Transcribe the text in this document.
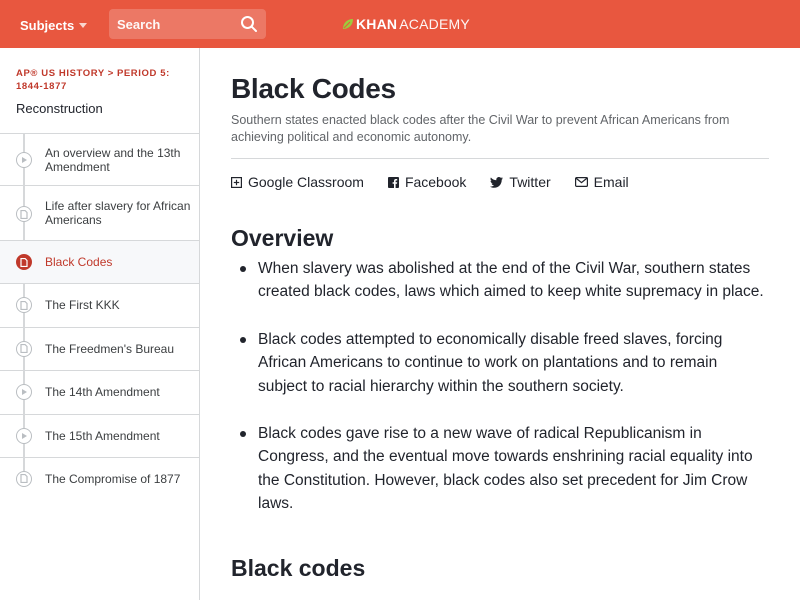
Subjects
Search	KHAN ACADEMY
AP® US HISTORY > PERIOD 5: 1844-1877
Reconstruction
An overview and the 13th Amendment
Life after slavery for African Americans
Black Codes
The First KKK
The Freedmen's Bureau
The 14th Amendment
The 15th Amendment
The Compromise of 1877
Black Codes

Southern states enacted black codes after the Civil War to prevent African Americans from achieving political and economic autonomy.

Google Classroom	Facebook	Twitter	Email
Overview
When slavery was abolished at the end of the Civil War, southern states created black codes, laws which aimed to keep white supremacy in place.
Black codes attempted to economically disable freed slaves, forcing African Americans to continue to work on plantations and to remain subject to racial hierarchy within the southern society.
Black codes gave rise to a new wave of radical Republicanism in Congress, and the eventual move towards enshrining racial equality into the Constitution. However, black codes also set precedent for Jim Crow laws.
Black codes
